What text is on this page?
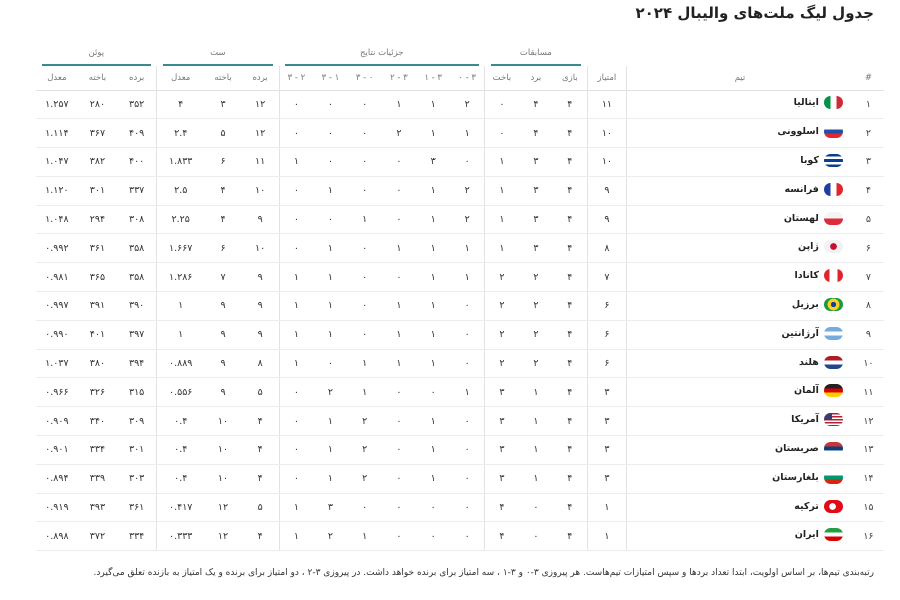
جدول لیگ ملت‌های والیبال ۲۰۲۴

			مسابقات			جزئیات نتایج						ست			پوئن		

#	تیم	امتیاز	بازی	برد	باخت	۳ - ۰	۳ - ۱	۳ - ۲	۰ - ۳	۱ - ۳	۲ - ۳	برده	باخته	معدل	برده	باخته	معدل
۱	ایتالیا	۱۱	۴	۴	۰	۲	۱	۱	۰	۰	۰	۱۲	۳	۴	۳۵۲	۲۸۰	۱.۲۵۷
۲	اسلوونی	۱۰	۴	۴	۰	۱	۱	۲	۰	۰	۰	۱۲	۵	۲.۴	۴۰۹	۳۶۷	۱.۱۱۴
۳	کوبا	۱۰	۴	۳	۱	۰	۳	۰	۰	۰	۱	۱۱	۶	۱.۸۳۳	۴۰۰	۳۸۲	۱.۰۴۷
۴	فرانسه	۹	۴	۳	۱	۲	۱	۰	۰	۱	۰	۱۰	۴	۲.۵	۳۳۷	۳۰۱	۱.۱۲۰
۵	لهستان	۹	۴	۳	۱	۲	۱	۰	۱	۰	۰	۹	۴	۲.۲۵	۳۰۸	۲۹۴	۱.۰۴۸
۶	ژاپن	۸	۴	۳	۱	۱	۱	۱	۰	۱	۰	۱۰	۶	۱.۶۶۷	۳۵۸	۳۶۱	۰.۹۹۲
۷	کانادا	۷	۴	۲	۲	۱	۱	۰	۰	۱	۱	۹	۷	۱.۲۸۶	۳۵۸	۳۶۵	۰.۹۸۱
۸	برزیل	۶	۴	۲	۲	۰	۱	۱	۰	۱	۱	۹	۹	۱	۳۹۰	۳۹۱	۰.۹۹۷
۹	آرژانتین	۶	۴	۲	۲	۰	۱	۱	۰	۱	۱	۹	۹	۱	۳۹۷	۴۰۱	۰.۹۹۰
۱۰	هلند	۶	۴	۲	۲	۰	۱	۱	۱	۰	۱	۸	۹	۰.۸۸۹	۳۹۴	۳۸۰	۱.۰۳۷
۱۱	آلمان	۳	۴	۱	۳	۱	۰	۰	۱	۲	۰	۵	۹	۰.۵۵۶	۳۱۵	۳۲۶	۰.۹۶۶
۱۲	آمریکا	۳	۴	۱	۳	۰	۱	۰	۲	۱	۰	۴	۱۰	۰.۴	۳۰۹	۳۴۰	۰.۹۰۹
۱۳	صربستان	۳	۴	۱	۳	۰	۱	۰	۲	۱	۰	۴	۱۰	۰.۴	۳۰۱	۳۳۴	۰.۹۰۱
۱۴	بلغارستان	۳	۴	۱	۳	۰	۱	۰	۲	۱	۰	۴	۱۰	۰.۴	۳۰۳	۳۳۹	۰.۸۹۴
۱۵	ترکیه	۱	۴	۰	۴	۰	۰	۰	۰	۳	۱	۵	۱۲	۰.۴۱۷	۳۶۱	۳۹۳	۰.۹۱۹
۱۶	ایران	۱	۴	۰	۴	۰	۰	۰	۱	۲	۱	۴	۱۲	۰.۳۳۳	۳۳۴	۳۷۲	۰.۸۹۸
رتبه‌بندی تیم‌ها، بر اساس اولویت، ابتدا تعداد بردها و سپس امتیازات تیم‌هاست. هر پیروزی ۳-۰ و ۳-۱ ، سه امتیاز برای برنده خواهد داشت. در پیروزی ۳-۲ ، دو امتیاز برای برنده و یک امتیاز به بازنده تعلق می‌گیرد.
